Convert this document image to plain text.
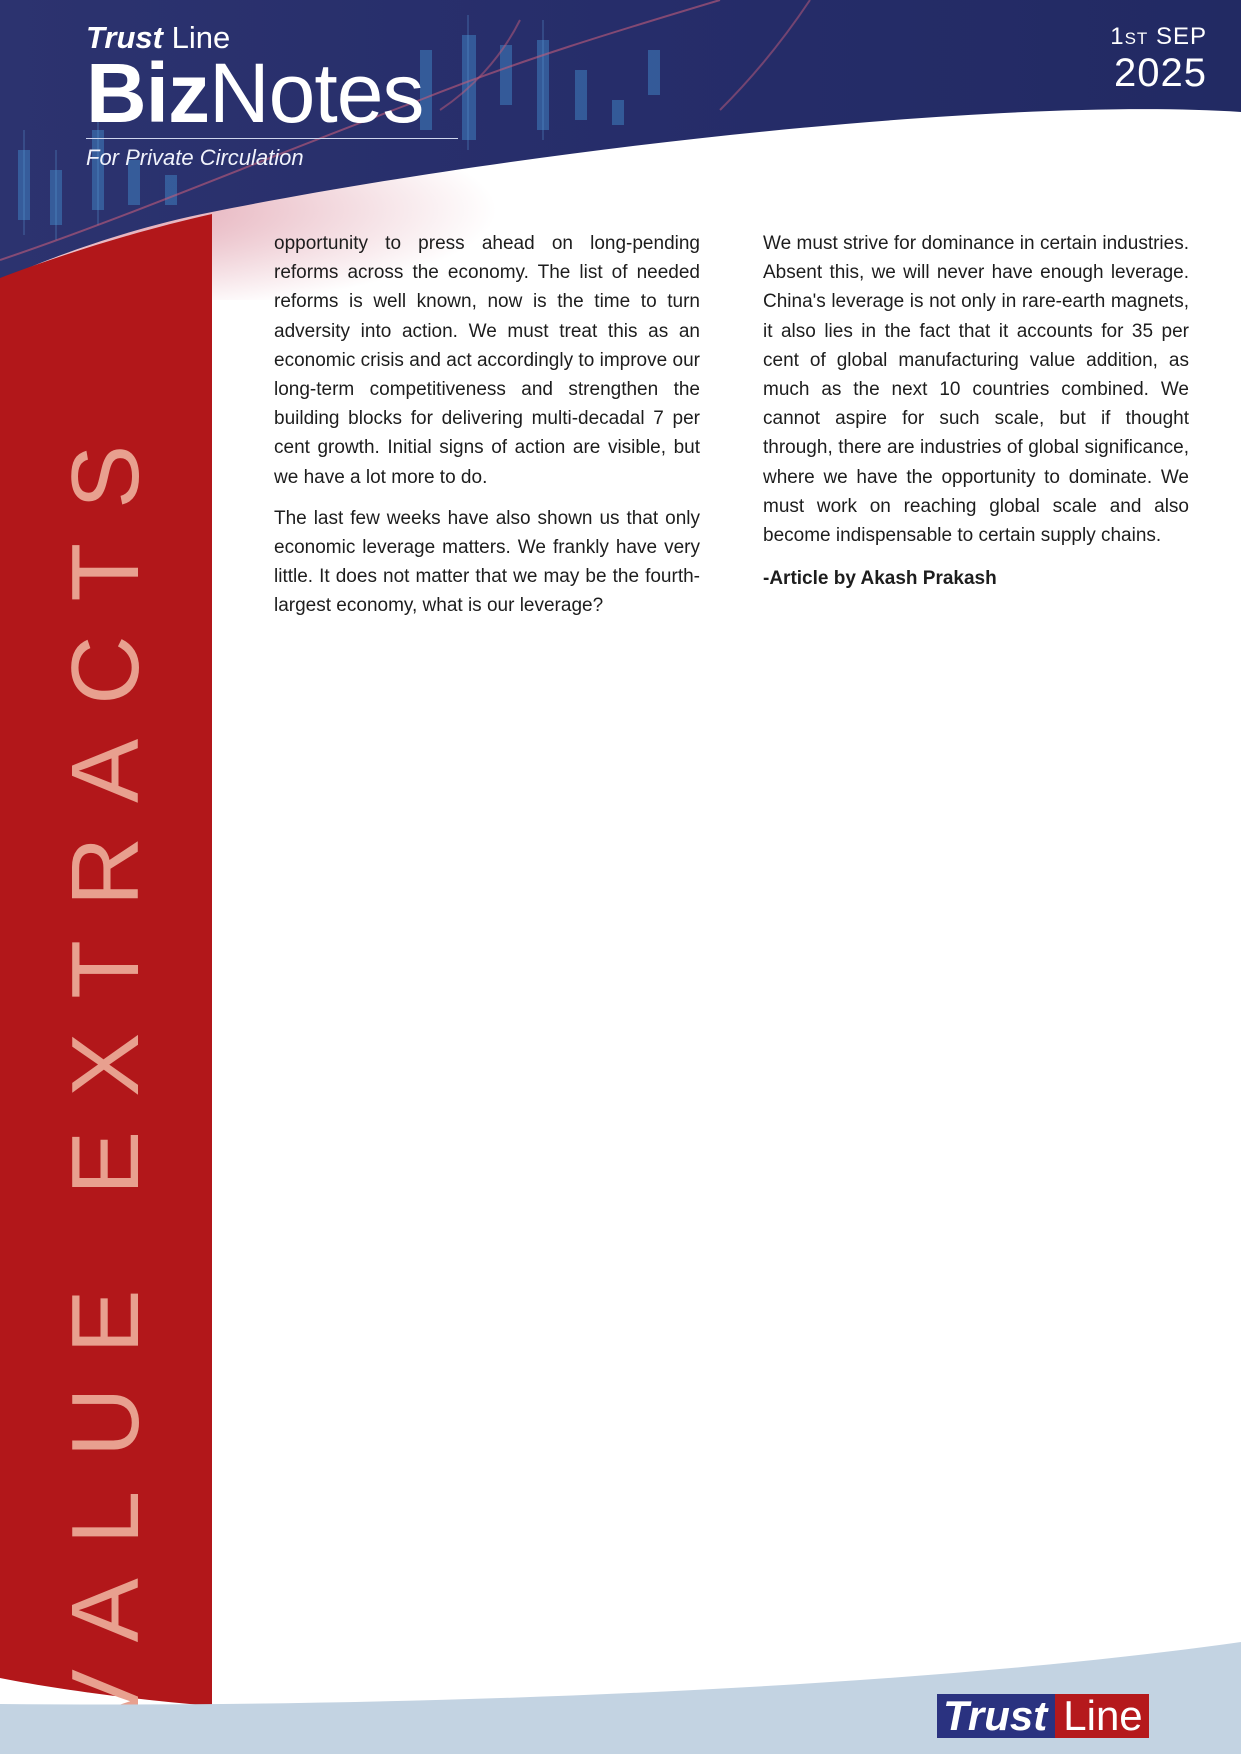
Trust Line
BizNotes
For Private Circulation
1ST SEP
2025
VALUE EXTRACTS

opportunity to press ahead on long-pending reforms across the economy. The list of needed reforms is well known, now is the time to turn adversity into action. We must treat this as an economic crisis and act accordingly to improve our long-term competitiveness and strengthen the building blocks for delivering multi-decadal 7 per cent growth. Initial signs of action are visible, but we have a lot more to do.

The last few weeks have also shown us that only economic leverage matters. We frankly have very little. It does not matter that we may be the fourth-largest economy, what is our leverage?

We must strive for dominance in certain industries. Absent this, we will never have enough leverage. China's leverage is not only in rare-earth magnets, it also lies in the fact that it accounts for 35 per cent of global manufacturing value addition, as much as the next 10 countries combined. We cannot aspire for such scale, but if thought through, there are industries of global significance, where we have the opportunity to dominate. We must work on reaching global scale and also become indispensable to certain supply chains.

-Article by Akash Prakash

Trust Line
